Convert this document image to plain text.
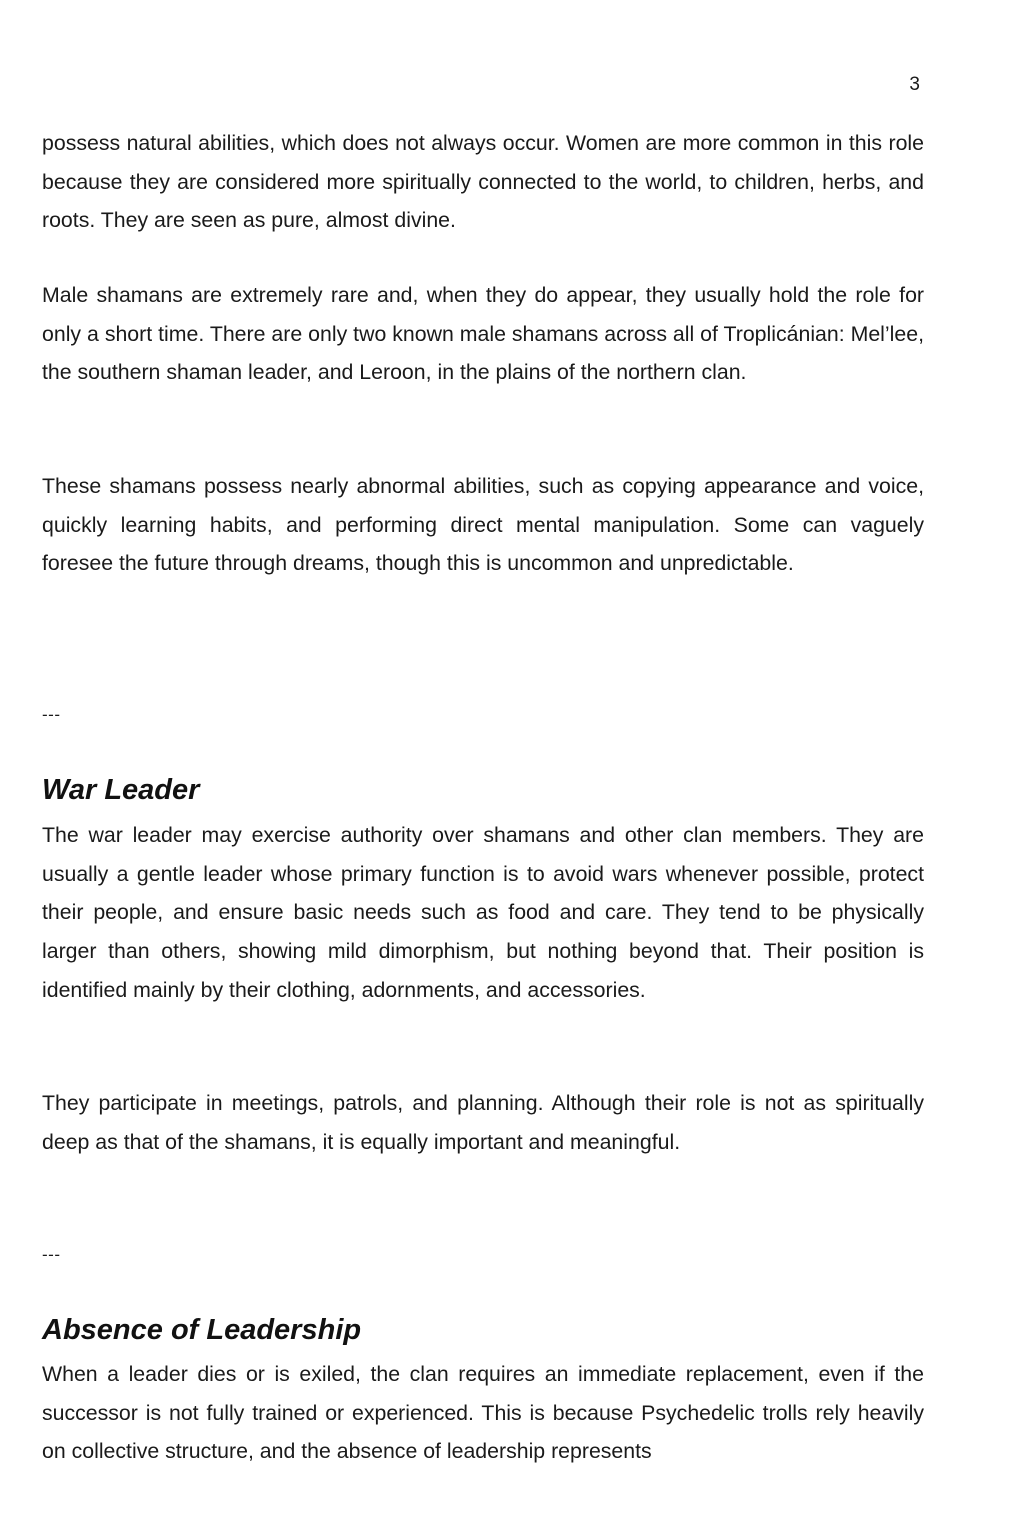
3

possess natural abilities, which does not always occur. Women are more common in this role because they are considered more spiritually connected to the world, to children, herbs, and roots. They are seen as pure, almost divine.

Male shamans are extremely rare and, when they do appear, they usually hold the role for only a short time. There are only two known male shamans across all of Troplicánian: Mel’lee, the southern shaman leader, and Leroon, in the plains of the northern clan.

These shamans possess nearly abnormal abilities, such as copying appearance and voice, quickly learning habits, and performing direct mental manipulation. Some can vaguely foresee the future through dreams, though this is uncommon and unpredictable.

---
War Leader

The war leader may exercise authority over shamans and other clan members. They are usually a gentle leader whose primary function is to avoid wars whenever possible, protect their people, and ensure basic needs such as food and care. They tend to be physically larger than others, showing mild dimorphism, but nothing beyond that. Their position is identified mainly by their clothing, adornments, and accessories.

They participate in meetings, patrols, and planning. Although their role is not as spiritually deep as that of the shamans, it is equally important and meaningful.

---
Absence of Leadership

When a leader dies or is exiled, the clan requires an immediate replacement, even if the successor is not fully trained or experienced. This is because Psychedelic trolls rely heavily on collective structure, and the absence of leadership represents
